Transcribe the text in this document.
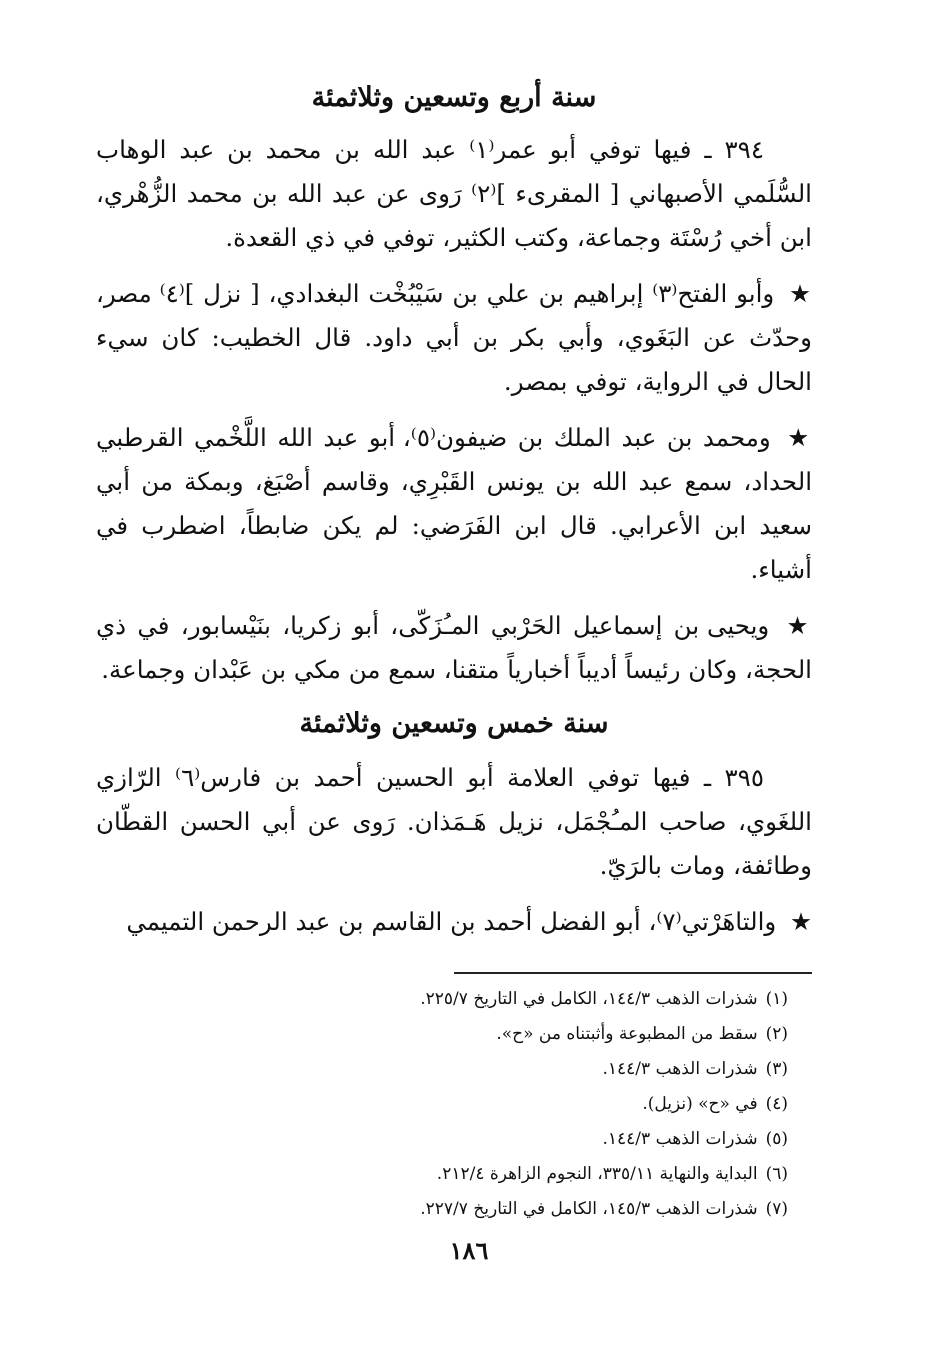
سنة أربع وتسعين وثلاثمئة

٣٩٤ ـ فيها توفي أبو عمر⁽١⁾ عبد الله بن محمد بن عبد الوهاب السُّلَمي الأصبهاني [ المقرىء ]⁽٢⁾ رَوى عن عبد الله بن محمد الزُّهْري، ابن أخي رُسْتَة وجماعة، وكتب الكثير، توفي في ذي القعدة.

★ وأبو الفتح⁽٣⁾ إبراهيم بن علي بن سَيْبُخْت البغدادي، [ نزل ]⁽٤⁾ مصر، وحدّث عن البَغَوي، وأبي بكر بن أبي داود. قال الخطيب: كان سيء الحال في الرواية، توفي بمصر.

★ ومحمد بن عبد الملك بن ضيفون⁽٥⁾، أبو عبد الله اللَّخْمي القرطبي الحداد، سمع عبد الله بن يونس القَبْرِي، وقاسم أصْبَغ، وبمكة من أبي سعيد ابن الأعرابي. قال ابن الفَرَضي: لم يكن ضابطاً، اضطرب في أشياء.

★ ويحيى بن إسماعيل الحَرْبي المـُزَكّى، أبو زكريا، بنَيْسابور، في ذي الحجة، وكان رئيساً أديباً أخبارياً متقنا، سمع من مكي بن عَبْدان وجماعة.

سنة خمس وتسعين وثلاثمئة

٣٩٥ ـ فيها توفي العلامة أبو الحسين أحمد بن فارس⁽٦⁾ الرّازي اللغَوي، صاحب المـُجْمَل، نزيل هَـمَذان. رَوى عن أبي الحسن القطّان وطائفة، ومات بالرَيّ.

★ والتاهَرْتي⁽٧⁾، أبو الفضل أحمد بن القاسم بن عبد الرحمن التميمي

(١)شذرات الذهب ١٤٤/٣، الكامل في التاريخ ٢٢٥/٧.
(٢)سقط من المطبوعة وأثبتناه من «ح».
(٣)شذرات الذهب ١٤٤/٣.
(٤)في «ح» (نزيل).
(٥)شذرات الذهب ١٤٤/٣.
(٦)البداية والنهاية ٣٣٥/١١، النجوم الزاهرة ٢١٢/٤.
(٧)شذرات الذهب ١٤٥/٣، الكامل في التاريخ ٢٢٧/٧.
١٨٦
